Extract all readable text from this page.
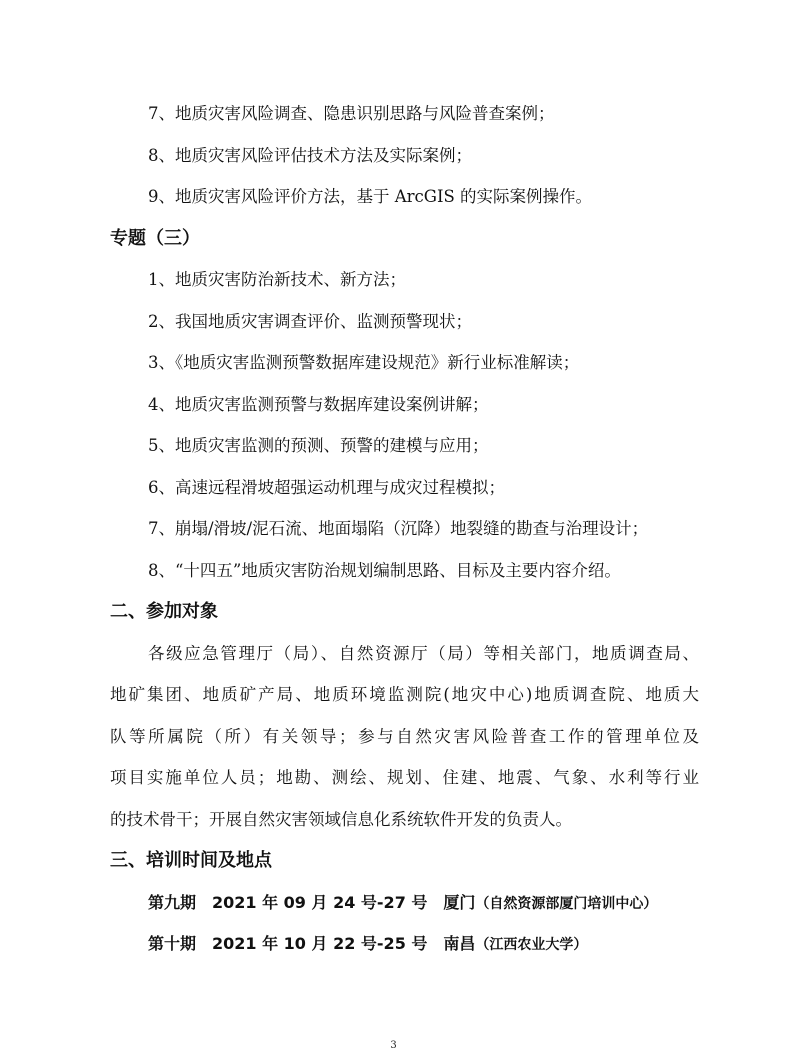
7、地质灾害风险调查、隐患识别思路与风险普查案例；
8、地质灾害风险评估技术方法及实际案例；
9、地质灾害风险评价方法，基于 ArcGIS 的实际案例操作。
专题（三）
1、地质灾害防治新技术、新方法；
2、我国地质灾害调查评价、监测预警现状；
3、《地质灾害监测预警数据库建设规范》新行业标准解读；
4、地质灾害监测预警与数据库建设案例讲解；
5、地质灾害监测的预测、预警的建模与应用；
6、高速远程滑坡超强运动机理与成灾过程模拟；
7、崩塌/滑坡/泥石流、地面塌陷（沉降）地裂缝的勘查与治理设计；
8、“十四五”地质灾害防治规划编制思路、目标及主要内容介绍。
二、参加对象
各级应急管理厅（局）、自然资源厅（局）等相关部门，地质调查局、
地矿集团、地质矿产局、地质环境监测院(地灾中心)地质调查院、地质大
队等所属院（所）有关领导；参与自然灾害风险普查工作的管理单位及
项目实施单位人员；地勘、测绘、规划、住建、地震、气象、水利等行业
的技术骨干；开展自然灾害领域信息化系统软件开发的负责人。
三、培训时间及地点
第九期　2021 年 09 月 24 号-27 号　厦门（自然资源部厦门培训中心）
第十期　2021 年 10 月 22 号-25 号　南昌（江西农业大学）
3
